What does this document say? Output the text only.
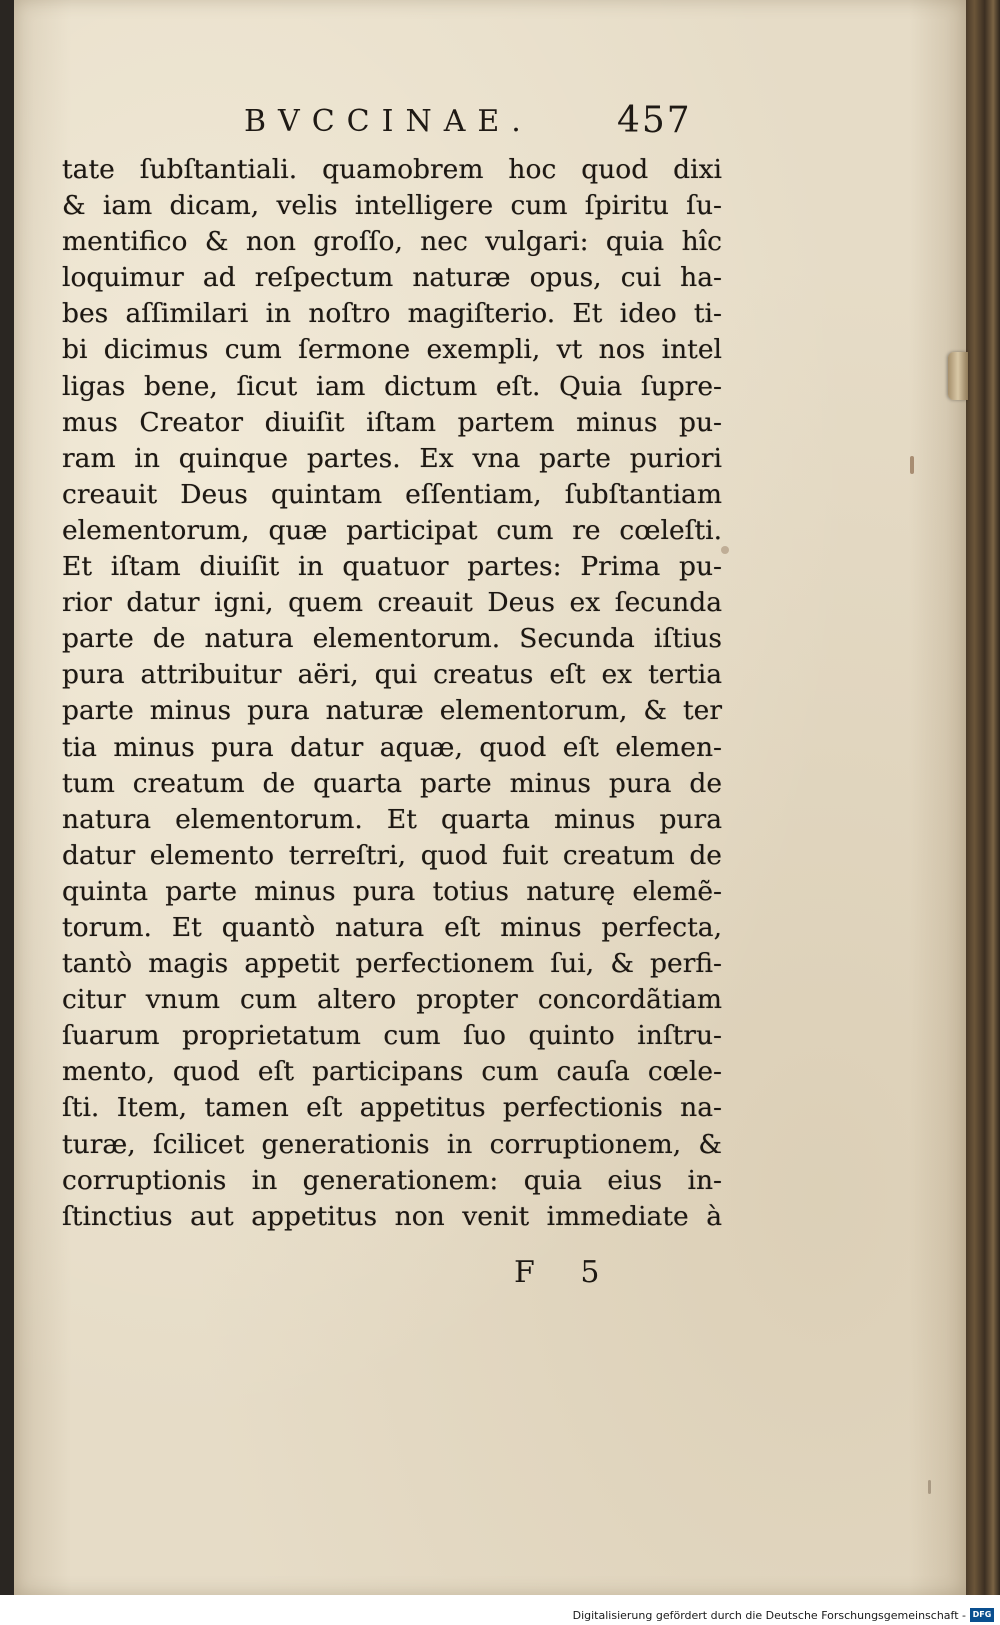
BVCCINAE. 457
tate ſubſtantiali. quamobrem hoc quod dixi
& iam dicam, velis intelligere cum ſpiritu ſu-
mentifico & non groſſo, nec vulgari: quia hîc
loquimur ad reſpectum naturæ opus, cui ha-
bes aſſimilari in noſtro magiſterio. Et ideo ti-
bi dicimus cum ſermone exempli, vt nos intel
ligas bene, ſicut iam dictum eſt. Quia ſupre-
mus Creator diuiſit iſtam partem minus pu-
ram in quinque partes. Ex vna parte puriori
creauit Deus quintam eſſentiam, ſubſtantiam
elementorum, quæ participat cum re cœleſti.
Et iſtam diuiſit in quatuor partes: Prima pu-
rior datur igni, quem creauit Deus ex ſecunda
parte de natura elementorum. Secunda iſtius
pura attribuitur aëri, qui creatus eſt ex tertia
parte minus pura naturæ elementorum, & ter
tia minus pura datur aquæ, quod eſt elemen-
tum creatum de quarta parte minus pura de
natura elementorum. Et quarta minus pura
datur elemento terreſtri, quod fuit creatum de
quinta parte minus pura totius naturę elemẽ-
torum. Et quantò natura eſt minus perfecta,
tantò magis appetit perfectionem ſui, & perfi-
citur vnum cum altero propter concordãtiam
ſuarum proprietatum cum ſuo quinto inſtru-
mento, quod eſt participans cum cauſa cœle-
ſti. Item, tamen eſt appetitus perfectionis na-
turæ, ſcilicet generationis in corruptionem, &
corruptionis in generationem: quia eius in-
ſtinctius aut appetitus non venit immediate à
F 5
Digitalisierung gefördert durch die Deutsche Forschungsgemeinschaft - DFG
